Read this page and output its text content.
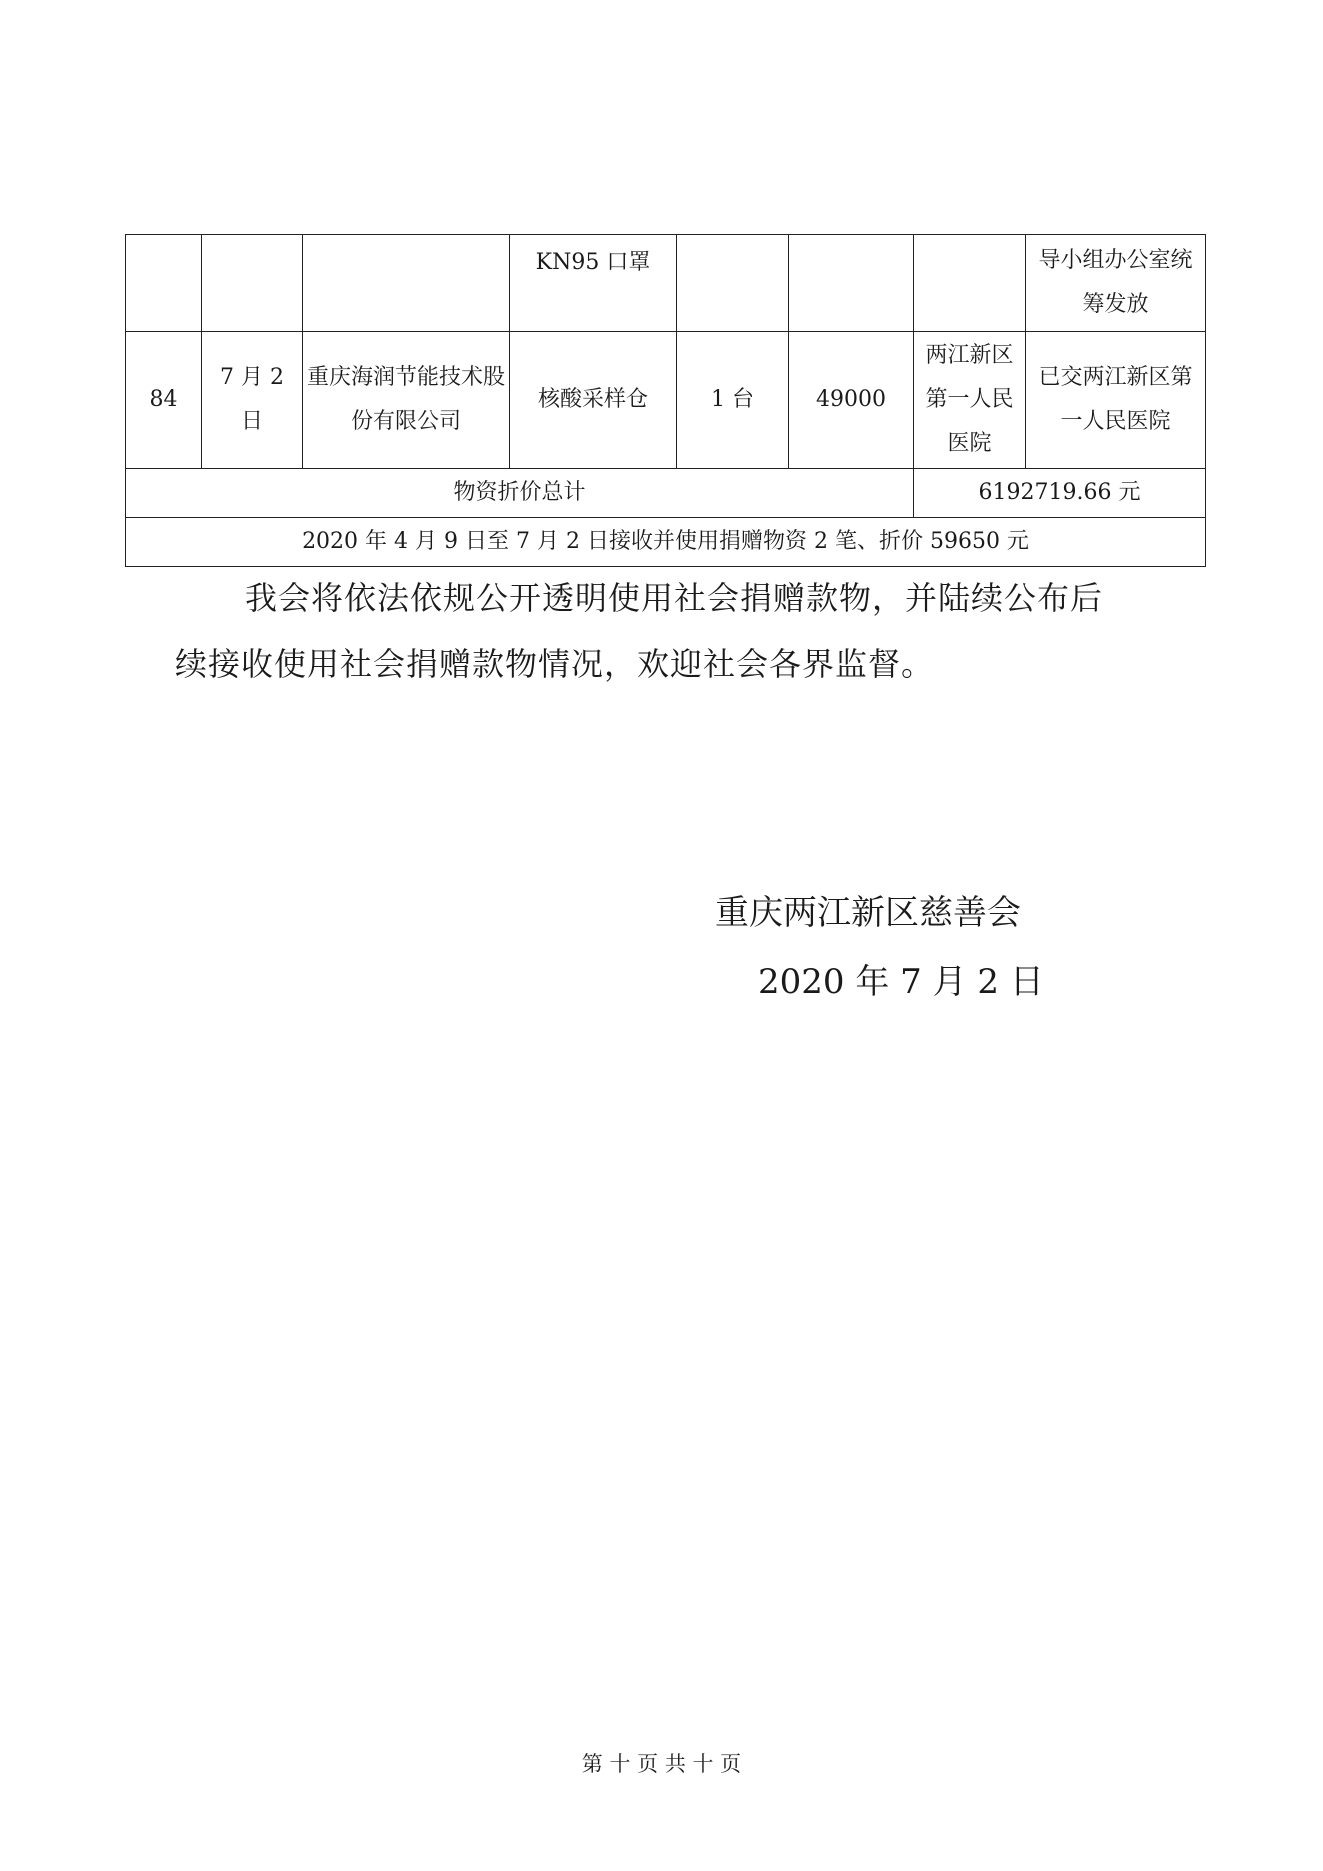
			KN95 口罩				导小组办公室统筹发放
84	7 月 2 日	重庆海润节能技术股份有限公司	核酸采样仓	1 台	49000	两江新区第一人民医院	已交两江新区第一人民医院
物资折价总计						6192719.66 元	
2020 年 4 月 9 日至 7 月 2 日接收并使用捐赠物资 2 笔、折价 59650 元							

我会将依法依规公开透明使用社会捐赠款物，并陆续公布后

续接收使用社会捐赠款物情况，欢迎社会各界监督。

重庆两江新区慈善会
2020 年 7 月 2 日
第 十 页 共 十 页
